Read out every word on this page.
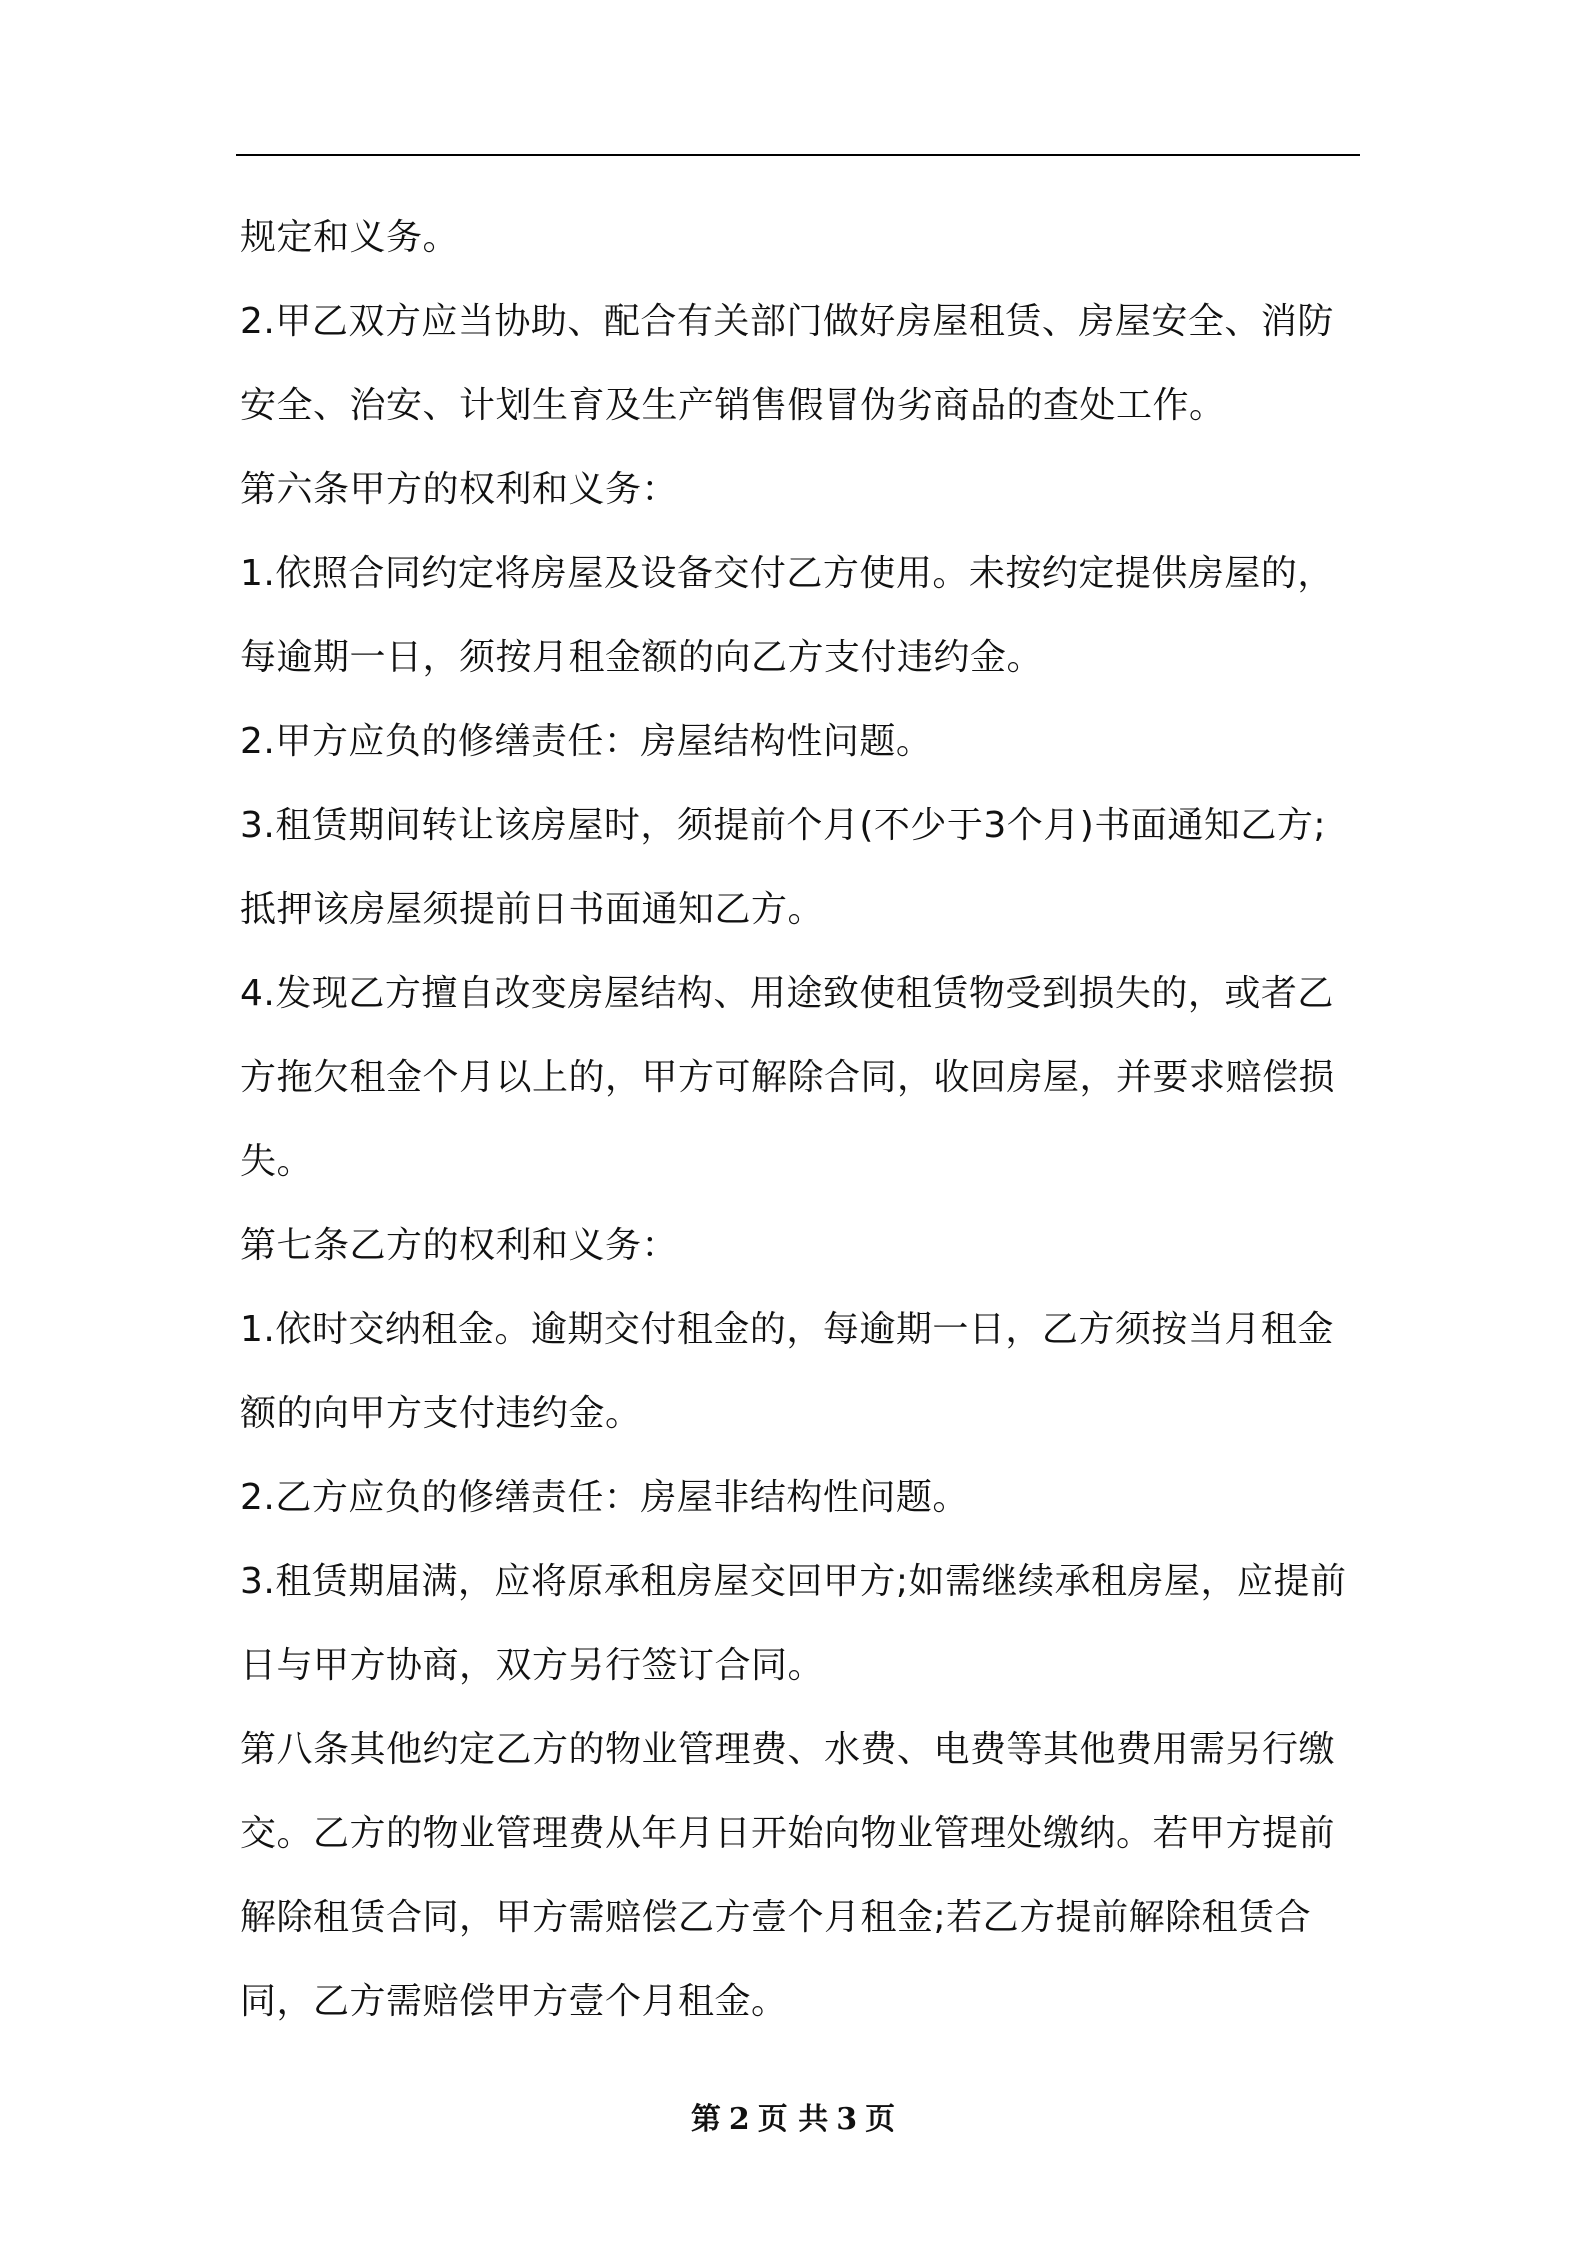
规定和义务。

2.甲乙双方应当协助、配合有关部门做好房屋租赁、房屋安全、消防安全、治安、计划生育及生产销售假冒伪劣商品的查处工作。

第六条甲方的权利和义务：

1.依照合同约定将房屋及设备交付乙方使用。未按约定提供房屋的，每逾期一日，须按月租金额的向乙方支付违约金。

2.甲方应负的修缮责任：房屋结构性问题。

3.租赁期间转让该房屋时，须提前个月(不少于3个月)书面通知乙方;抵押该房屋须提前日书面通知乙方。

4.发现乙方擅自改变房屋结构、用途致使租赁物受到损失的，或者乙方拖欠租金个月以上的，甲方可解除合同，收回房屋，并要求赔偿损失。

第七条乙方的权利和义务：

1.依时交纳租金。逾期交付租金的，每逾期一日，乙方须按当月租金额的向甲方支付违约金。

2.乙方应负的修缮责任：房屋非结构性问题。

3.租赁期届满，应将原承租房屋交回甲方;如需继续承租房屋，应提前日与甲方协商，双方另行签订合同。

第八条其他约定乙方的物业管理费、水费、电费等其他费用需另行缴交。乙方的物业管理费从年月日开始向物业管理处缴纳。若甲方提前解除租赁合同，甲方需赔偿乙方壹个月租金;若乙方提前解除租赁合同，乙方需赔偿甲方壹个月租金。

第 2 页 共 3 页
